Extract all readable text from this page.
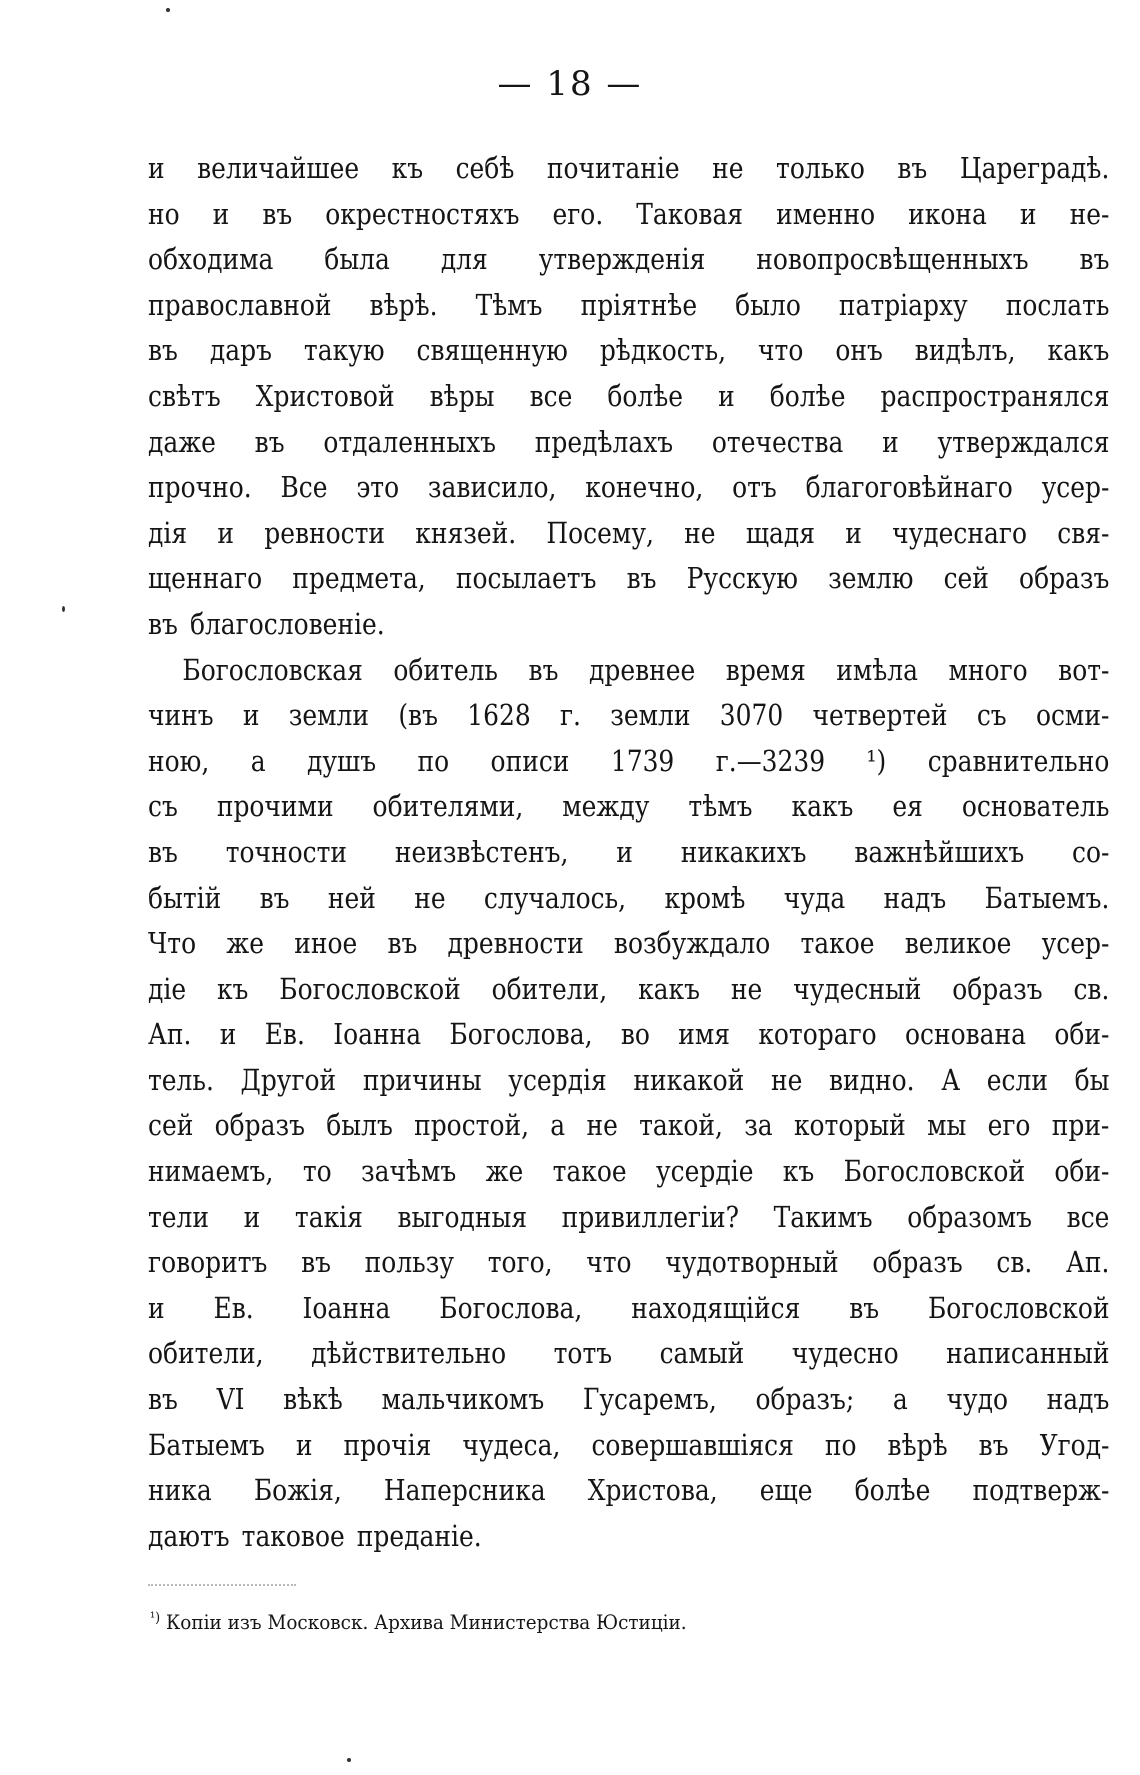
— 18 —
и величайшее къ себѣ почитаніе не только въ Цареградѣ.
но и въ окрестностяхъ его. Таковая именно икона и не-
обходима была для утвержденія новопросвѣщенныхъ въ
православной вѣрѣ. Тѣмъ пріятнѣе было патріарху послать
въ даръ такую священную рѣдкость, что онъ видѣлъ, какъ
свѣтъ Христовой вѣры все болѣе и болѣе распространялся
даже въ отдаленныхъ предѣлахъ отечества и утверждался
прочно. Все это зависило, конечно, отъ благоговѣйнаго усер-
дія и ревности князей. Посему, не щадя и чудеснаго свя-
щеннаго предмета, посылаетъ въ Русскую землю сей образъ
въ благословеніе.
Богословская обитель въ древнее время имѣла много вот-
чинъ и земли (въ 1628 г. земли 3070 четвертей съ осми-
ною, а душъ по описи 1739 г.—3239 ¹) сравнительно
съ прочими обителями, между тѣмъ какъ ея основатель
въ точности неизвѣстенъ, и никакихъ важнѣйшихъ со-
бытій въ ней не случалось, кромѣ чуда надъ Батыемъ.
Что же иное въ древности возбуждало такое великое усер-
діе къ Богословской обители, какъ не чудесный образъ св.
Ап. и Ев. Іоанна Богослова, во имя котораго основана оби-
тель. Другой причины усердія никакой не видно. А если бы
сей образъ былъ простой, а не такой, за который мы его при-
нимаемъ, то зачѣмъ же такое усердіе къ Богословской оби-
тели и такія выгодныя привиллегіи? Такимъ образомъ все
говоритъ въ пользу того, что чудотворный образъ св. Ап.
и Ев. Іоанна Богослова, находящійся въ Богословской
обители, дѣйствительно тотъ самый чудесно написанный
въ VI вѣкѣ мальчикомъ Гусаремъ, образъ; а чудо надъ
Батыемъ и прочія чудеса, совершавшіяся по вѣрѣ въ Угод-
ника Божія, Наперсника Христова, еще болѣе подтверж-
даютъ таковое преданіе.
$^{^1)}$ Копіи изъ Московск. Архива Министерства Юстиціи.
